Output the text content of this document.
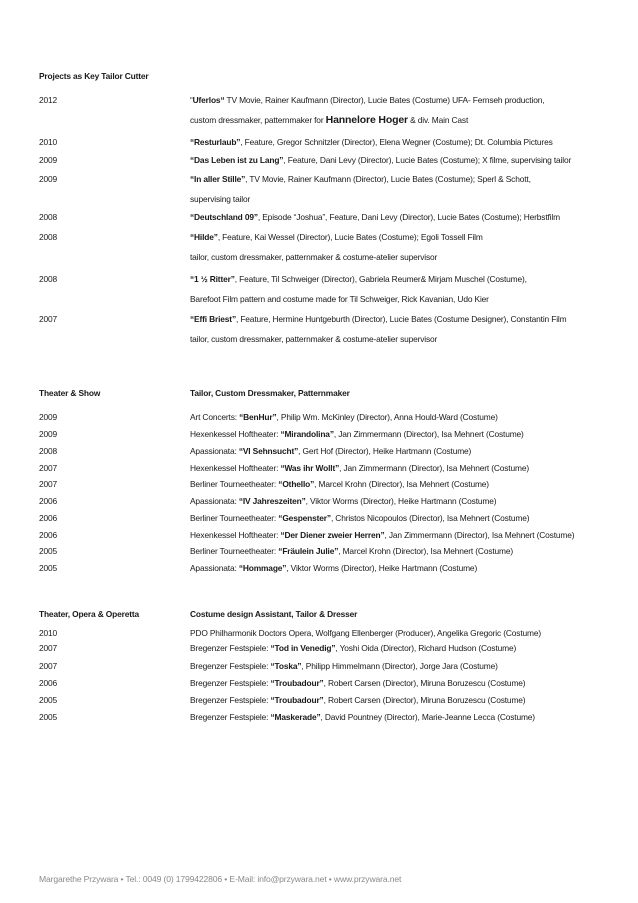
Projects as Key Tailor Cutter
2012	“Uferlos“ TV Movie, Rainer Kaufmann (Director), Lucie Bates (Costume) UFA- Fernseh production,
custom dressmaker, patternmaker for Hannelore Hoger & div. Main Cast
2010	“Resturlaub”, Feature, Gregor Schnitzler (Director), Elena Wegner (Costume); Dt. Columbia Pictures
2009	“Das Leben ist zu Lang”, Feature, Dani Levy (Director), Lucie Bates (Costume); X filme, supervising tailor
2009	“In aller Stille”, TV Movie, Rainer Kaufmann (Director), Lucie Bates (Costume); Sperl & Schott,
supervising tailor
2008	“Deutschland 09”, Episode “Joshua”, Feature, Dani Levy (Director), Lucie Bates (Costume); Herbstfilm
2008	“Hilde”, Feature, Kai Wessel (Director), Lucie Bates (Costume); Egoli Tossell Film
tailor, custom dressmaker, patternmaker & costume-atelier supervisor
2008	“1 ½ Ritter”, Feature, Til Schweiger (Director), Gabriela Reumer& Mirjam Muschel (Costume),
Barefoot Film pattern and costume made for Til Schweiger, Rick Kavanian, Udo Kier
2007	“Effi Briest”, Feature, Hermine Huntgeburth (Director), Lucie Bates (Costume Designer), Constantin Film
tailor, custom dressmaker, patternmaker & costume-atelier supervisor
Theater & Show	Tailor, Custom Dressmaker, Patternmaker
2009	Art Concerts: “BenHur”, Philip Wm. McKinley (Director), Anna Hould-Ward (Costume)
2009	Hexenkessel Hoftheater: “Mirandolina”, Jan Zimmermann (Director), Isa Mehnert (Costume)
2008	Apassionata: “VI Sehnsucht”, Gert Hof (Director), Heike Hartmann (Costume)
2007	Hexenkessel Hoftheater: “Was ihr Wollt”, Jan Zimmermann (Director), Isa Mehnert (Costume)
2007	Berliner Tourneetheater: “Othello”, Marcel Krohn (Director), Isa Mehnert (Costume)
2006	Apassionata: “IV Jahreszeiten”, Viktor Worms (Director), Heike Hartmann (Costume)
2006	Berliner Tourneetheater: “Gespenster”, Christos Nicopoulos (Director), Isa Mehnert (Costume)
2006	Hexenkessel Hoftheater: “Der Diener zweier Herren”, Jan Zimmermann (Director), Isa Mehnert (Costume)
2005	Berliner Tourneetheater: “Fräulein Julie”, Marcel Krohn (Director), Isa Mehnert (Costume)
2005	Apassionata: “Hommage”, Viktor Worms (Director), Heike Hartmann (Costume)
Theater, Opera & Operetta	Costume design Assistant, Tailor & Dresser
2010	PDO Philharmonik Doctors Opera, Wolfgang Ellenberger (Producer), Angelika Gregoric (Costume)
2007	Bregenzer Festspiele: “Tod in Venedig”, Yoshi Oida (Director), Richard Hudson (Costume)
2007	Bregenzer Festspiele: “Toska”, Philipp Himmelmann (Director), Jorge Jara (Costume)
2006	Bregenzer Festspiele: “Troubadour”, Robert Carsen (Director), Miruna Boruzescu (Costume)
2005	Bregenzer Festspiele: “Troubadour”, Robert Carsen (Director), Miruna Boruzescu (Costume)
2005	Bregenzer Festspiele: “Maskerade”, David Pountney (Director), Marie-Jeanne Lecca (Costume)
Margarethe Przywara • Tel.: 0049 (0) 1799422806 • E-Mail: info@przywara.net • www.przywara.net
